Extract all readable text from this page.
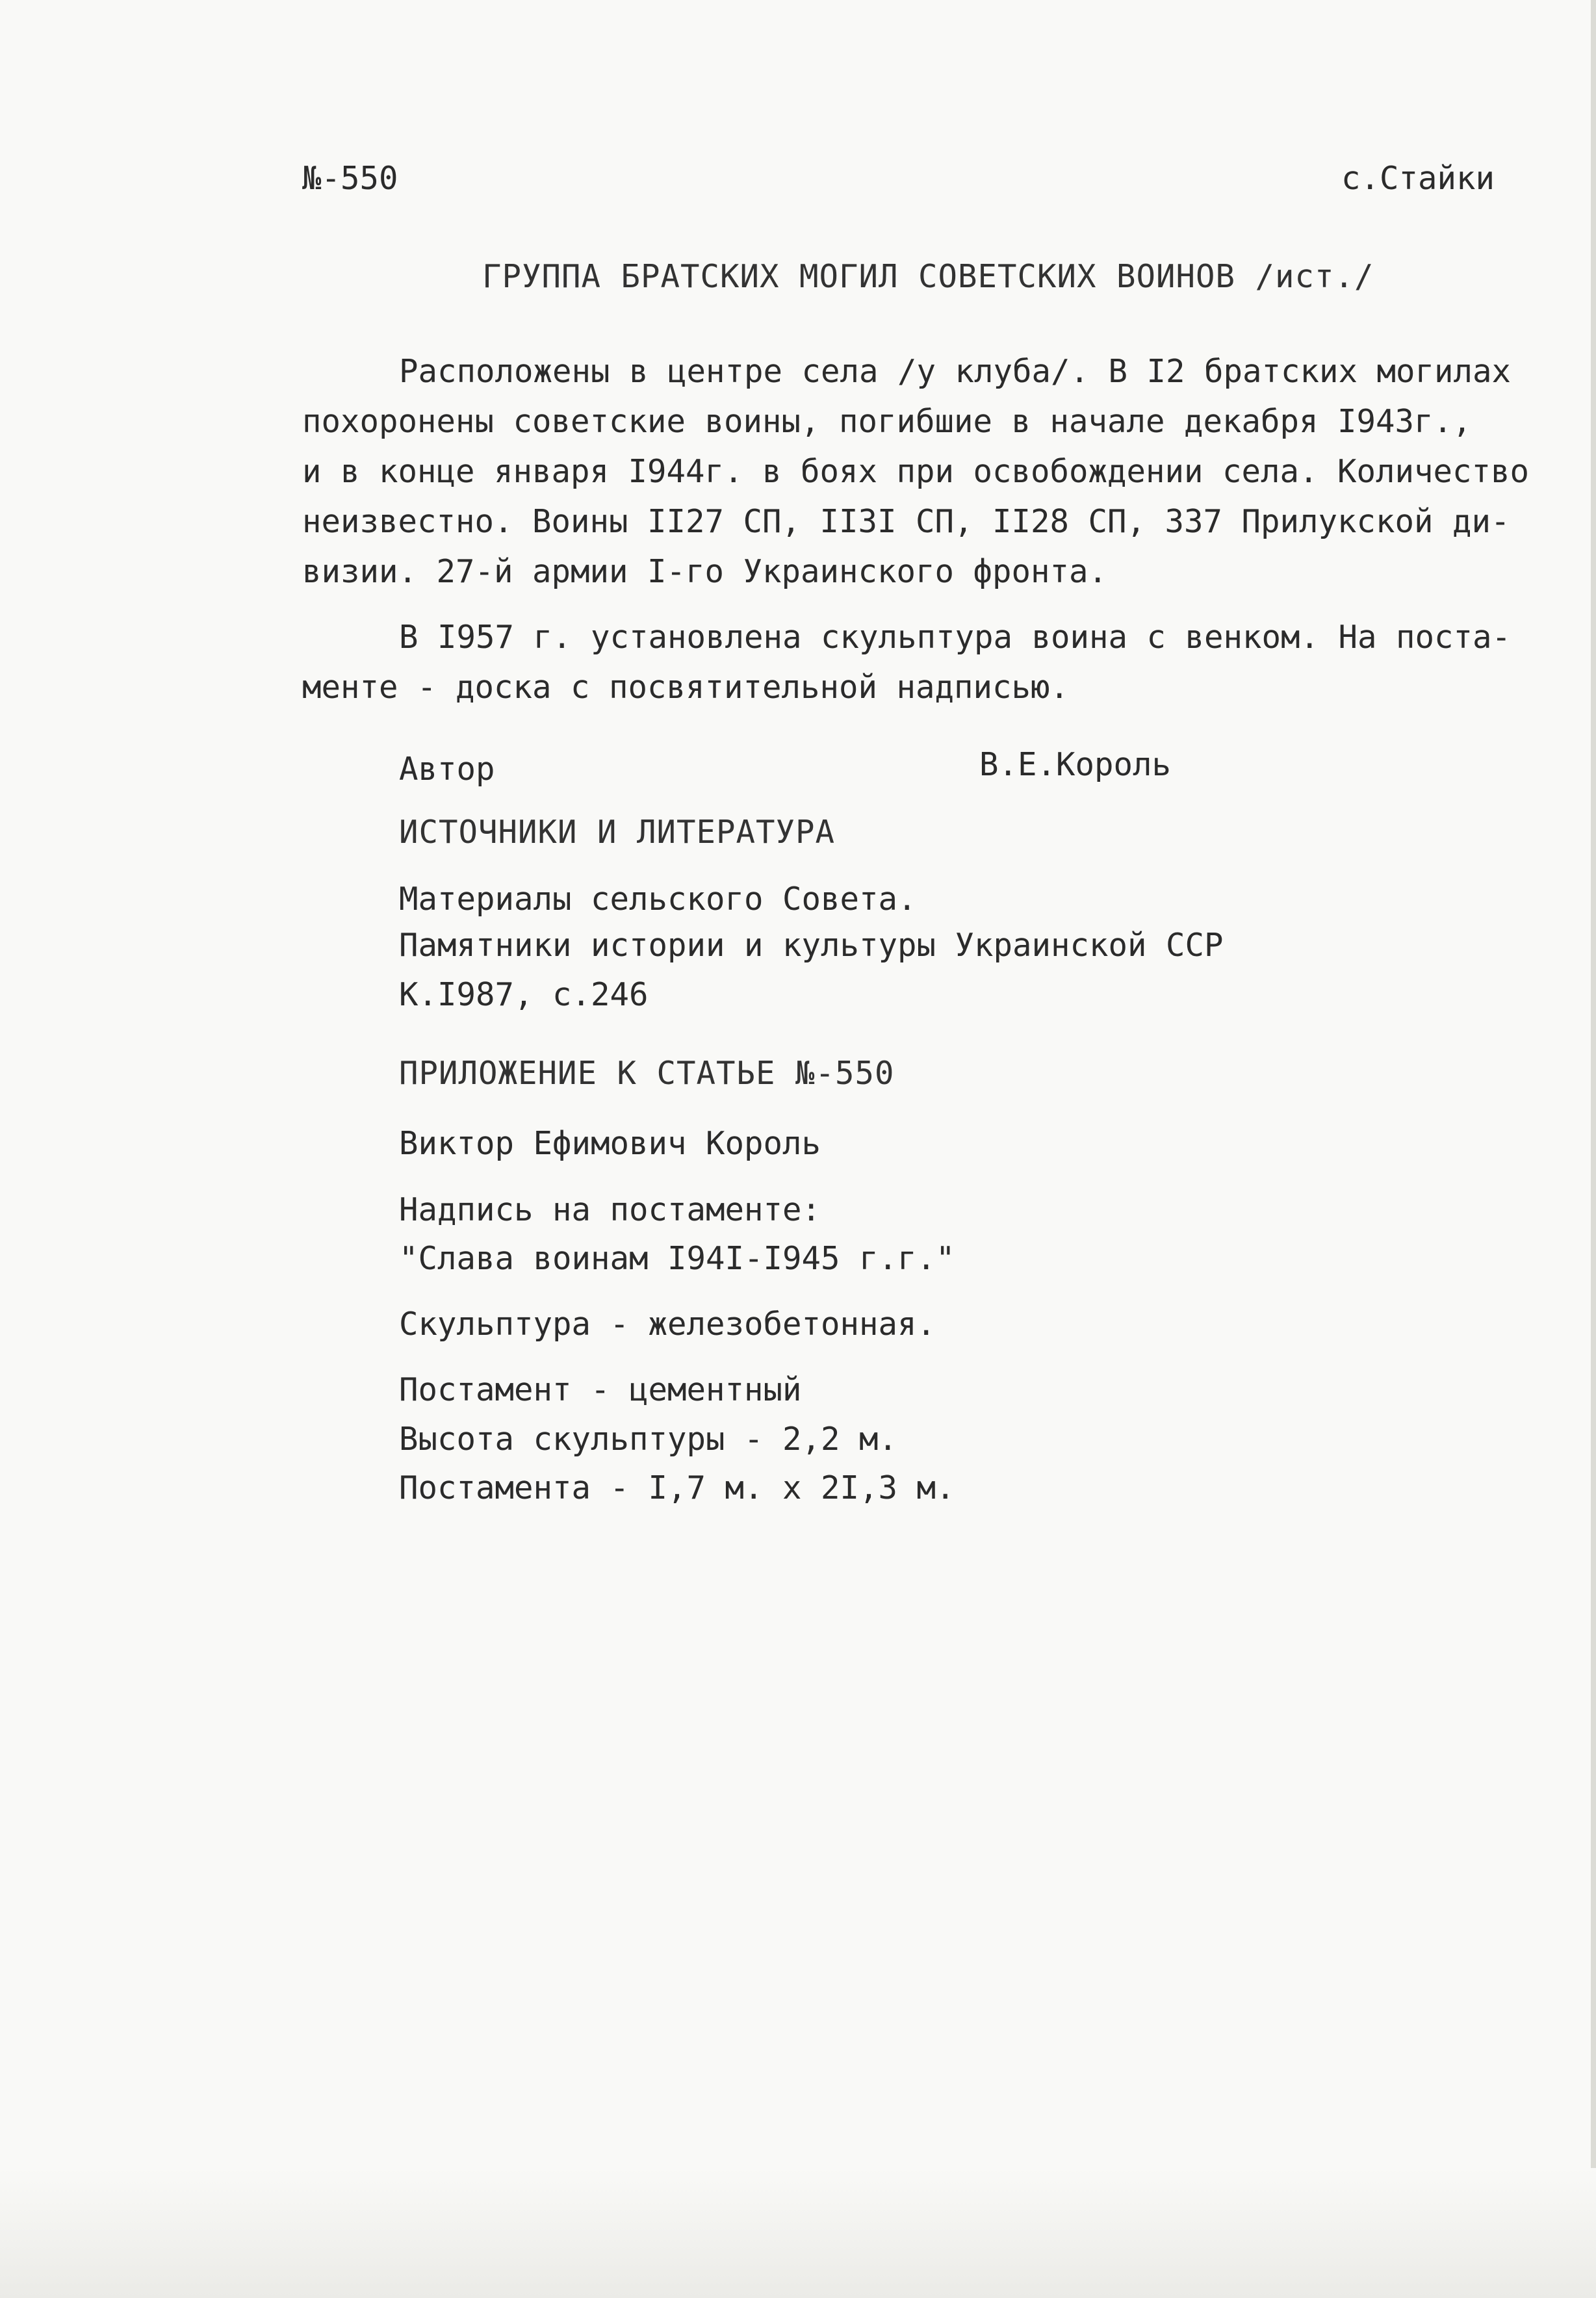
№-550	с.Стайки

ГРУППА БРАТСКИХ МОГИЛ СОВЕТСКИХ ВОИНОВ /ист./

Расположены в центре села /у клуба/. В I2 братских могилах

похоронены советские воины, погибшие в начале декабря I943г.,

и в конце января I944г. в боях при освобождении села. Количество

неизвестно. Воины II27 СП, II3I СП, II28 СП, 337 Прилукской ди-

визии. 27-й армии I-го Украинского фронта.

В I957 г. установлена скульптура воина с венком. На поста-

менте - доска с посвятительной надписью.

Автор	В.Е.Король

ИСТОЧНИКИ И ЛИТЕРАТУРА

Материалы сельского Совета.

Памятники истории и культуры Украинской ССР

К.I987, с.246

ПРИЛОЖЕНИЕ К СТАТЬЕ №-550

Виктор Ефимович Король

Надпись на постаменте:

"Слава воинам I94I-I945 г.г."

Скульптура - железобетонная.

Постамент - цементный

Высота скульптуры - 2,2 м.

Постамента - I,7 м. х 2I,3 м.
